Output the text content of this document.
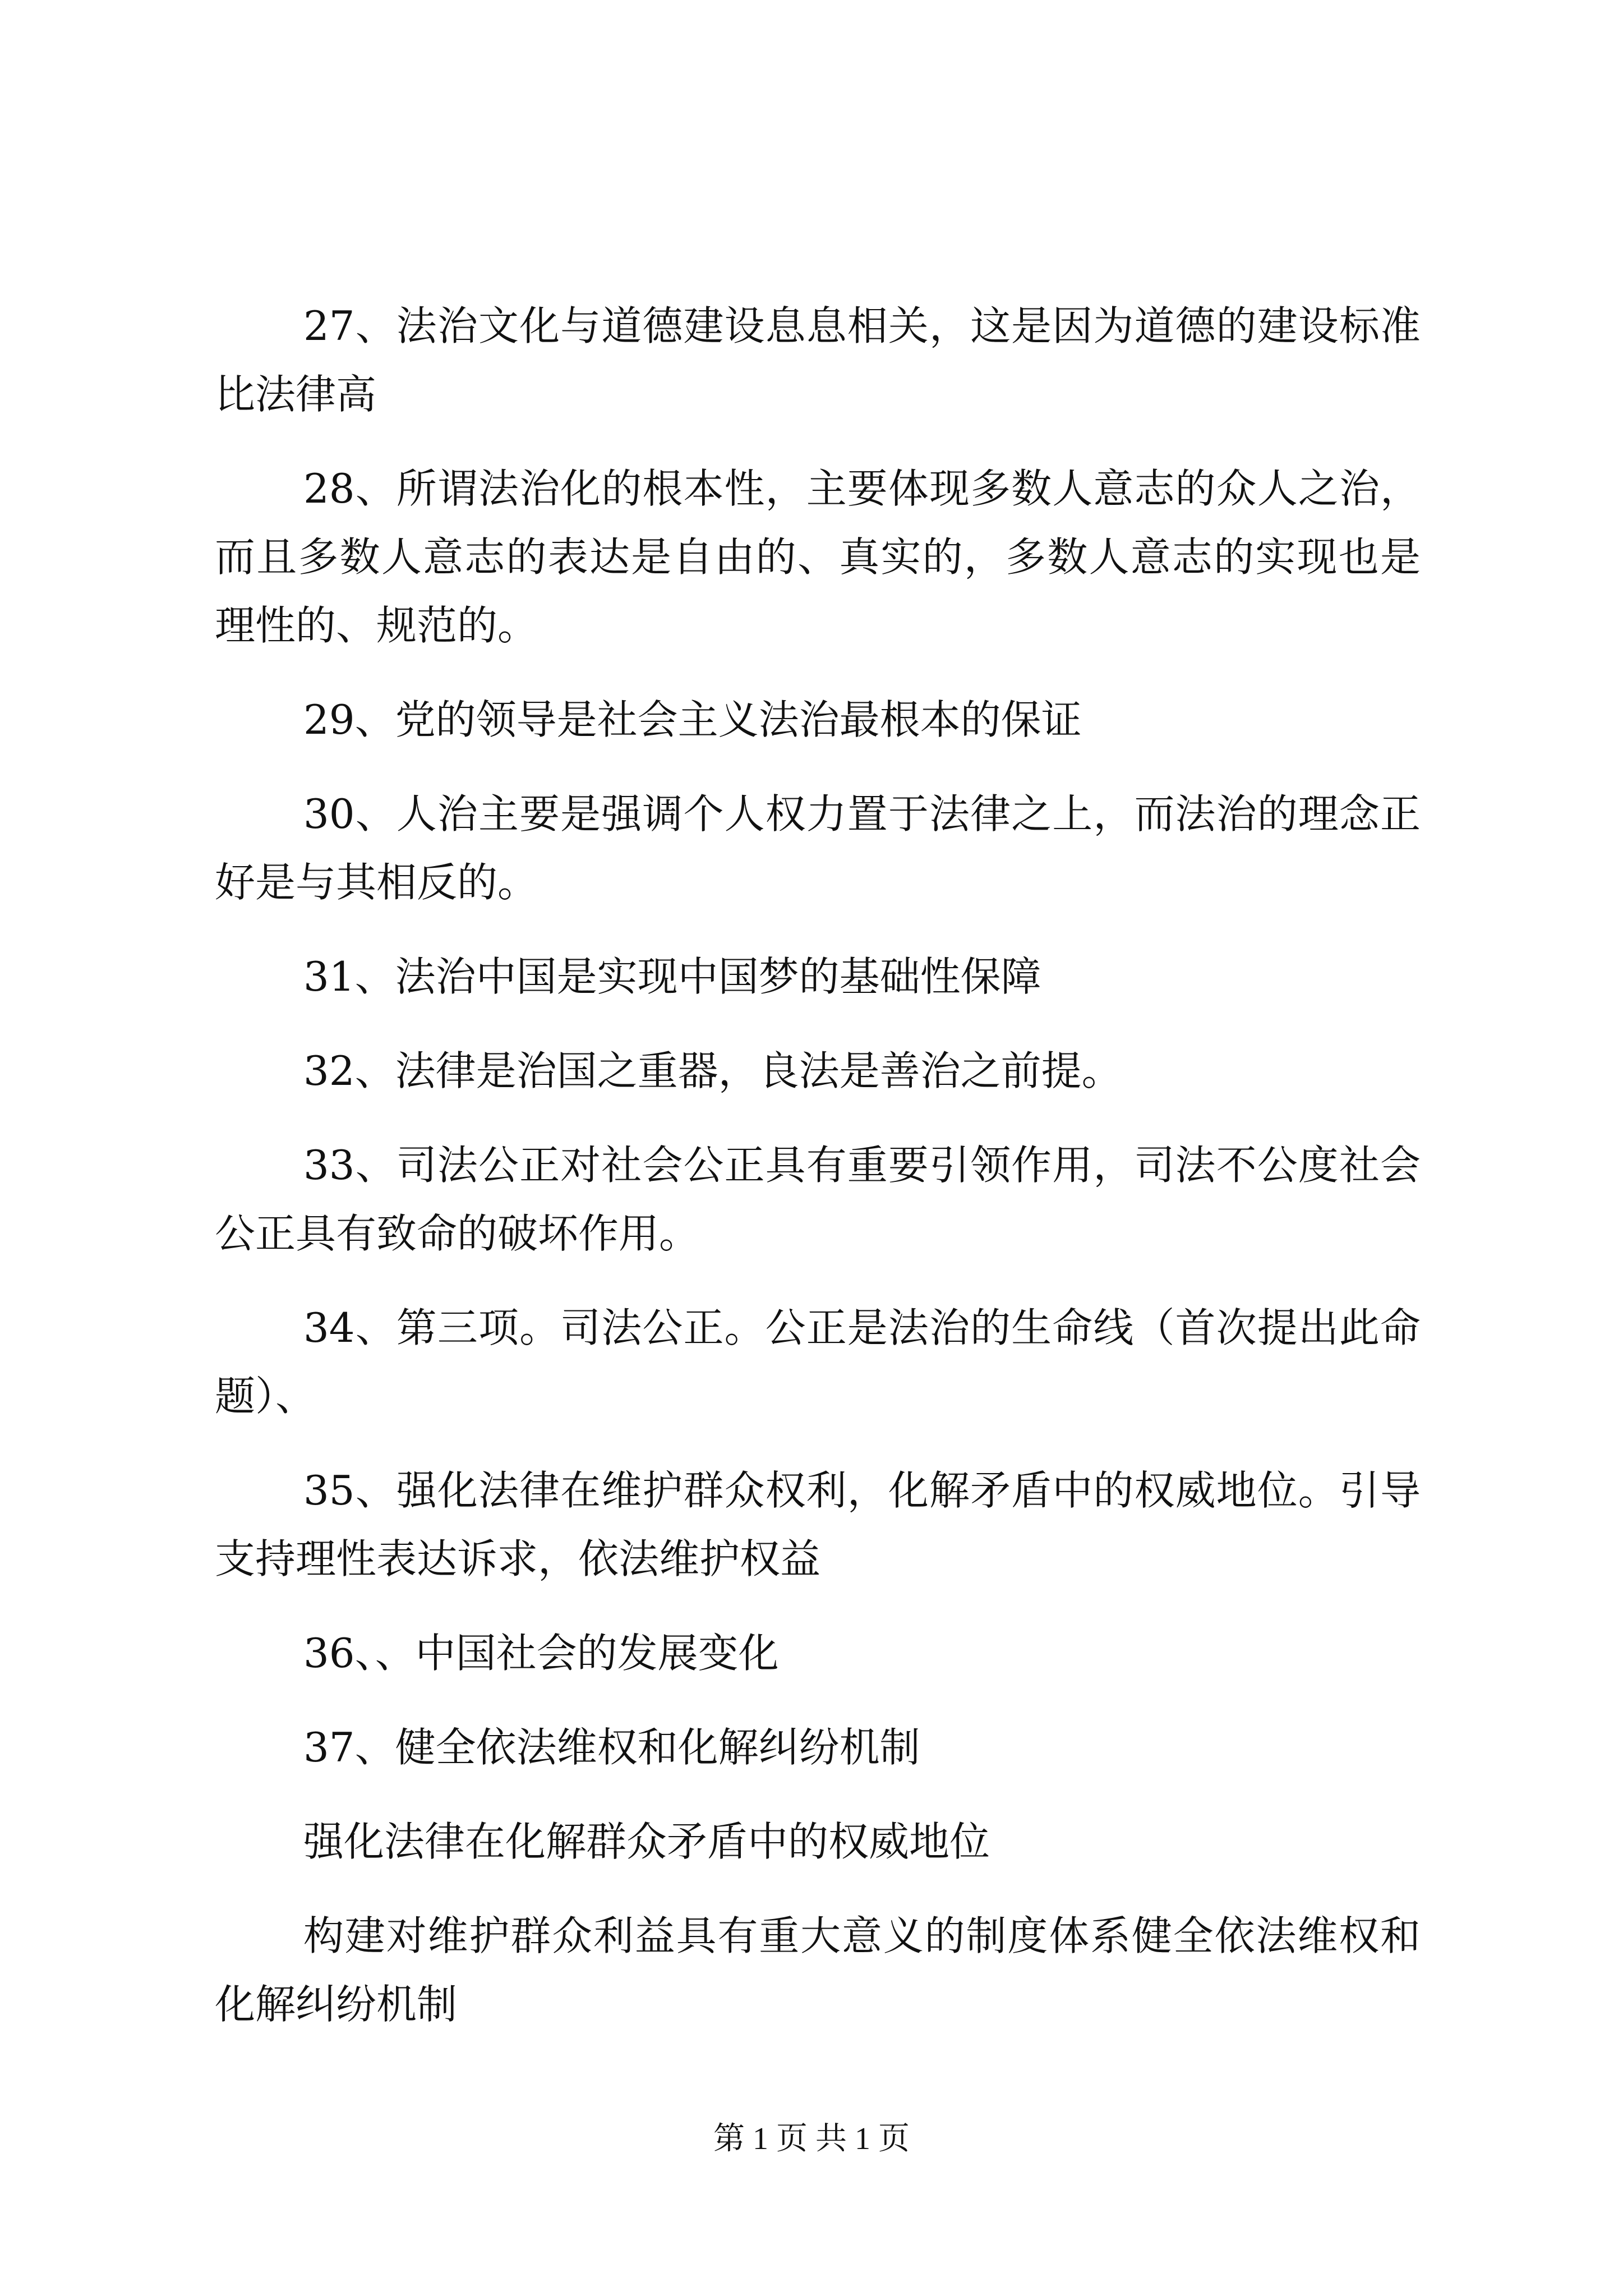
27、法治文化与道德建设息息相关，这是因为道德的建设标准比法律高

28、所谓法治化的根本性，主要体现多数人意志的众人之治，而且多数人意志的表达是自由的、真实的，多数人意志的实现也是理性的、规范的。

29、党的领导是社会主义法治最根本的保证

30、人治主要是强调个人权力置于法律之上，而法治的理念正好是与其相反的。

31、法治中国是实现中国梦的基础性保障

32、法律是治国之重器，良法是善治之前提。

33、司法公正对社会公正具有重要引领作用，司法不公度社会公正具有致命的破坏作用。

34、第三项。司法公正。公正是法治的生命线（首次提出此命题）、

35、强化法律在维护群众权利，化解矛盾中的权威地位。引导支持理性表达诉求，依法维护权益

36、、中国社会的发展变化

37、健全依法维权和化解纠纷机制

强化法律在化解群众矛盾中的权威地位

构建对维护群众利益具有重大意义的制度体系健全依法维权和化解纠纷机制

第 1 页 共 1 页
